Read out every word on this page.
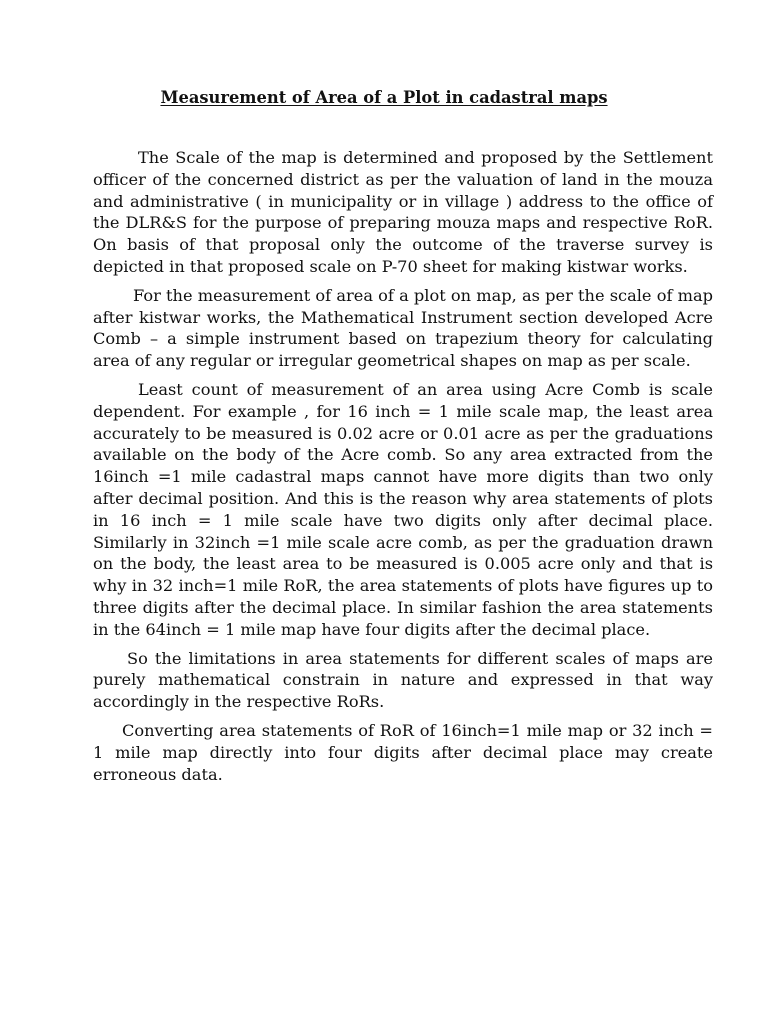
Measurement of Area of a Plot in cadastral maps

The Scale of the map is determined and proposed by the Settlement officer of the concerned district as per the valuation of land in the mouza and administrative ( in municipality or in village ) address to the office of the DLR&S for the purpose of preparing mouza maps and respective RoR. On basis of that proposal only the outcome of the traverse survey is depicted in that proposed scale on P-70 sheet for making kistwar works.

For the measurement of area of a plot on map, as per the scale of map after kistwar works, the Mathematical Instrument section developed Acre Comb – a simple instrument based on trapezium theory for calculating area of any regular or irregular geometrical shapes on map as per scale.

Least count of measurement of an area using Acre Comb is scale dependent. For example , for 16 inch = 1 mile scale map, the least area accurately to be measured is 0.02 acre or 0.01 acre as per the graduations available on the body of the Acre comb. So any area extracted from the 16inch =1 mile cadastral maps cannot have more digits than two only after decimal position. And this is the reason why area statements of plots in 16 inch = 1 mile scale have two digits only after decimal place. Similarly in 32inch =1 mile scale acre comb, as per the graduation drawn on the body, the least area to be measured is 0.005 acre only and that is why in 32 inch=1 mile RoR, the area statements of plots have figures up to three digits after the decimal place. In similar fashion the area statements in the 64inch = 1 mile map have four digits after the decimal place.

So the limitations in area statements for different scales of maps are purely mathematical constrain in nature and expressed in that way accordingly in the respective RoRs.

Converting area statements of RoR of 16inch=1 mile map or 32 inch = 1 mile map directly into four digits after decimal place may create erroneous data.
